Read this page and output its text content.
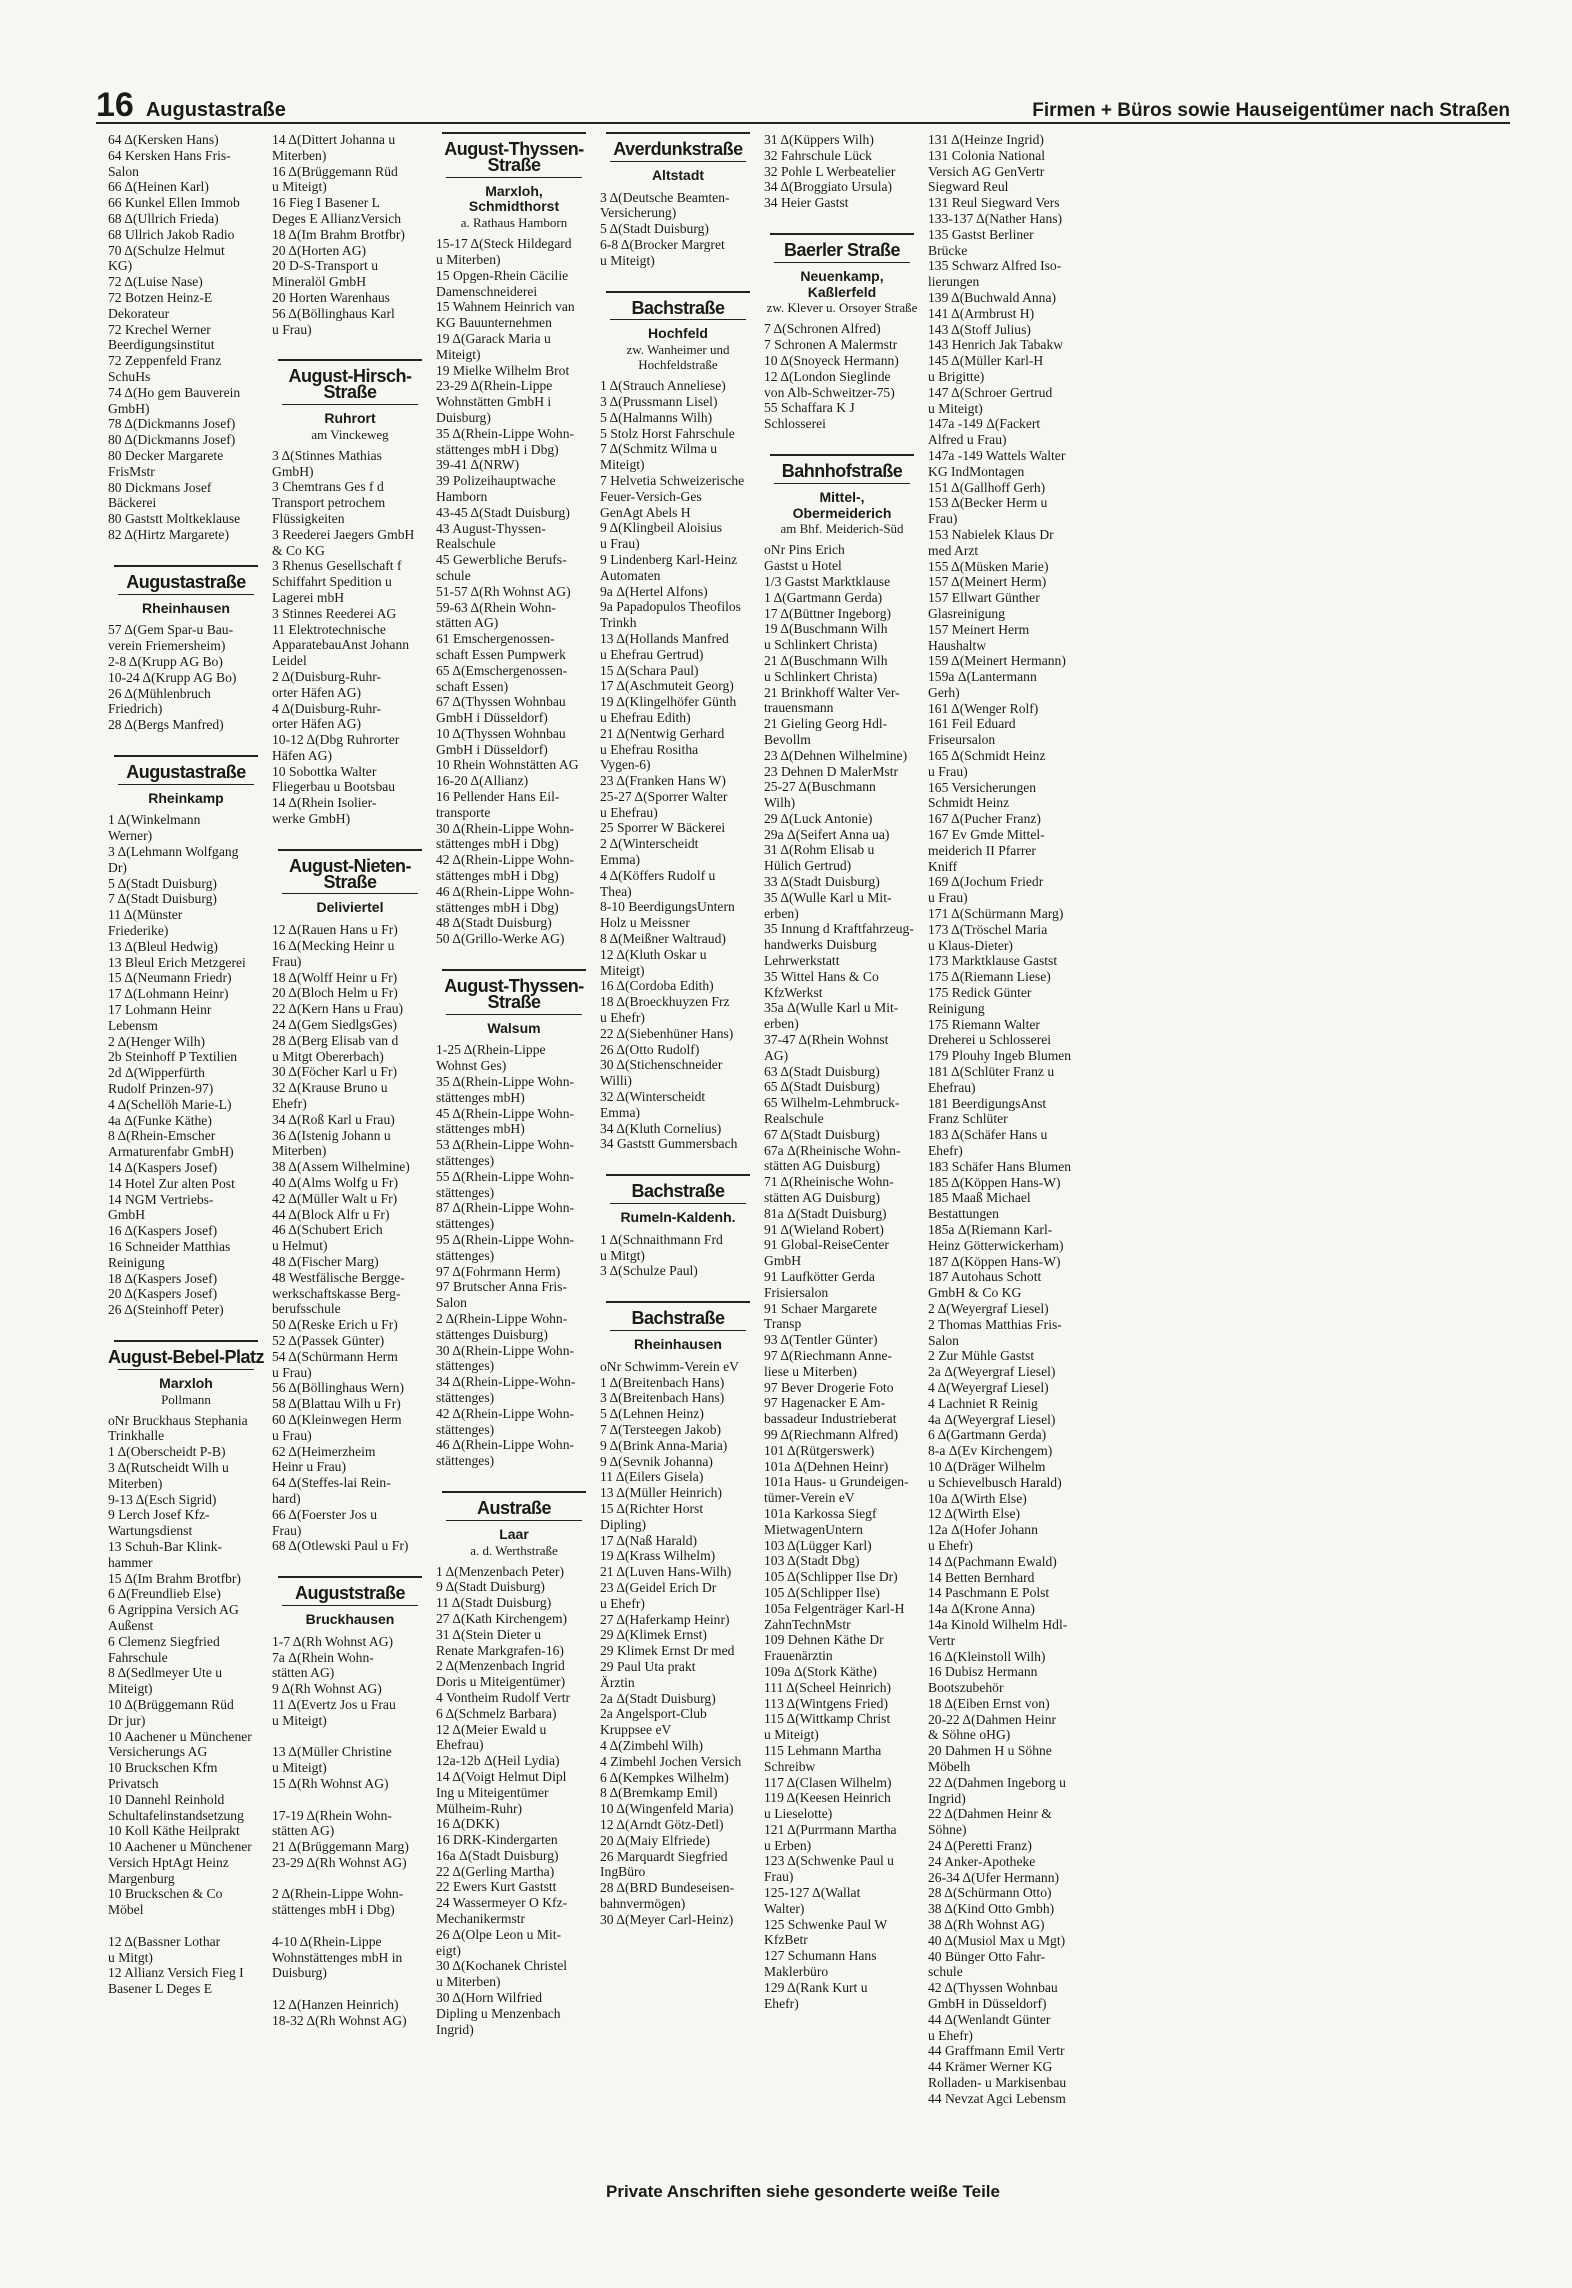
16 Augustastraße	Firmen + Büros sowie Hauseigentümer nach Straßen
64 Δ(Kersken Hans)
64 Kersken Hans Fris-
Salon
66 Δ(Heinen Karl)
66 Kunkel Ellen Immob
68 Δ(Ullrich Frieda)
68 Ullrich Jakob Radio
70 Δ(Schulze Helmut
KG)
72 Δ(Luise Nase)
72 Botzen Heinz-E
Dekorateur
72 Krechel Werner
Beerdigungsinstitut
72 Zeppenfeld Franz
SchuHs
74 Δ(Ho gem Bauverein
GmbH)
78 Δ(Dickmanns Josef)
80 Δ(Dickmanns Josef)
80 Decker Margarete
FrisMstr
80 Dickmans Josef
Bäckerei
80 Gaststt Moltkeklause
82 Δ(Hirtz Margarete)
Augustastraße
Rheinhausen
57 Δ(Gem Spar-u Bau-
verein Friemersheim)
2-8 Δ(Krupp AG Bo)
10-24 Δ(Krupp AG Bo)
26 Δ(Mühlenbruch
Friedrich)
28 Δ(Bergs Manfred)
Augustastraße
Rheinkamp
1 Δ(Winkelmann
Werner)
3 Δ(Lehmann Wolfgang
Dr)
5 Δ(Stadt Duisburg)
7 Δ(Stadt Duisburg)
11 Δ(Münster
Friederike)
13 Δ(Bleul Hedwig)
13 Bleul Erich Metzgerei
15 Δ(Neumann Friedr)
17 Δ(Lohmann Heinr)
17 Lohmann Heinr
Lebensm
2 Δ(Henger Wilh)
2b Steinhoff P Textilien
2d Δ(Wipperfürth
Rudolf Prinzen-97)
4 Δ(Schellöh Marie-L)
4a Δ(Funke Käthe)
8 Δ(Rhein-Emscher
Armaturenfabr GmbH)
14 Δ(Kaspers Josef)
14 Hotel Zur alten Post
14 NGM Vertriebs-
GmbH
16 Δ(Kaspers Josef)
16 Schneider Matthias
Reinigung
18 Δ(Kaspers Josef)
20 Δ(Kaspers Josef)
26 Δ(Steinhoff Peter)
August-Bebel-Platz
Marxloh
Pollmann
oNr Bruckhaus Stephania
Trinkhalle
1 Δ(Oberscheidt P-B)
3 Δ(Rutscheidt Wilh u
Miterben)
9-13 Δ(Esch Sigrid)
9 Lerch Josef Kfz-
Wartungsdienst
13 Schuh-Bar Klink-
hammer
15 Δ(Im Brahm Brotfbr)
6 Δ(Freundlieb Else)
6 Agrippina Versich AG
Außenst
6 Clemenz Siegfried
Fahrschule
8 Δ(Sedlmeyer Ute u
Miteigt)
10 Δ(Brüggemann Rüd
Dr jur)
10 Aachener u Münchener
Versicherungs AG
10 Bruckschen Kfm
Privatsch
10 Dannehl Reinhold
Schultafelinstandsetzung
10 Koll Käthe Heilprakt
10 Aachener u Münchener
Versich HptAgt Heinz
Margenburg
10 Bruckschen & Co
Möbel

12 Δ(Bassner Lothar
u Mitgt)
12 Allianz Versich Fieg I
Basener L Deges E
14 Δ(Dittert Johanna u
Miterben)
16 Δ(Brüggemann Rüd
u Miteigt)
16 Fieg I Basener L
Deges E AllianzVersich
18 Δ(Im Brahm Brotfbr)
20 Δ(Horten AG)
20 D-S-Transport u
Mineralöl GmbH
20 Horten Warenhaus
56 Δ(Böllinghaus Karl
u Frau)
August-Hirsch-Straße
Ruhrort
am Vinckeweg
3 Δ(Stinnes Mathias
GmbH)
3 Chemtrans Ges f d
Transport petrochem
Flüssigkeiten
3 Reederei Jaegers GmbH
& Co KG
3 Rhenus Gesellschaft f
Schiffahrt Spedition u
Lagerei mbH
3 Stinnes Reederei AG
11 Elektrotechnische
ApparatebauAnst Johann
Leidel
2 Δ(Duisburg-Ruhr-
orter Häfen AG)
4 Δ(Duisburg-Ruhr-
orter Häfen AG)
10-12 Δ(Dbg Ruhrorter
Häfen AG)
10 Sobottka Walter
Fliegerbau u Bootsbau
14 Δ(Rhein Isolier-
werke GmbH)
August-Nieten-Straße
Deliviertel
12 Δ(Rauen Hans u Fr)
16 Δ(Mecking Heinr u
Frau)
18 Δ(Wolff Heinr u Fr)
20 Δ(Bloch Helm u Fr)
22 Δ(Kern Hans u Frau)
24 Δ(Gem SiedlgsGes)
28 Δ(Berg Elisab van d
u Mitgt Obererbach)
30 Δ(Föcher Karl u Fr)
32 Δ(Krause Bruno u
Ehefr)
34 Δ(Roß Karl u Frau)
36 Δ(Istenig Johann u
Miterben)
38 Δ(Assem Wilhelmine)
40 Δ(Alms Wolfg u Fr)
42 Δ(Müller Walt u Fr)
44 Δ(Block Alfr u Fr)
46 Δ(Schubert Erich
u Helmut)
48 Δ(Fischer Marg)
48 Westfälische Bergge-
werkschaftskasse Berg-
berufsschule
50 Δ(Reske Erich u Fr)
52 Δ(Passek Günter)
54 Δ(Schürmann Herm
u Frau)
56 Δ(Böllinghaus Wern)
58 Δ(Blattau Wilh u Fr)
60 Δ(Kleinwegen Herm
u Frau)
62 Δ(Heimerzheim
Heinr u Frau)
64 Δ(Steffes-lai Rein-
hard)
66 Δ(Foerster Jos u
Frau)
68 Δ(Otlewski Paul u Fr)
Auguststraße
Bruckhausen
1-7 Δ(Rh Wohnst AG)
7a Δ(Rhein Wohn-
stätten AG)
9 Δ(Rh Wohnst AG)
11 Δ(Evertz Jos u Frau
u Miteigt)

13 Δ(Müller Christine
u Miteigt)
15 Δ(Rh Wohnst AG)

17-19 Δ(Rhein Wohn-
stätten AG)
21 Δ(Brüggemann Marg)
23-29 Δ(Rh Wohnst AG)

2 Δ(Rhein-Lippe Wohn-
stättenges mbH i Dbg)

4-10 Δ(Rhein-Lippe
Wohnstättenges mbH in
Duisburg)

12 Δ(Hanzen Heinrich)
18-32 Δ(Rh Wohnst AG)
August-Thyssen-Straße
Marxloh, Schmidthorst
a. Rathaus Hamborn
15-17 Δ(Steck Hildegard
u Miterben)
15 Opgen-Rhein Cäcilie
Damenschneiderei
15 Wahnem Heinrich van
KG Bauunternehmen
19 Δ(Garack Maria u
Miteigt)
19 Mielke Wilhelm Brot
23-29 Δ(Rhein-Lippe
Wohnstätten GmbH i
Duisburg)
35 Δ(Rhein-Lippe Wohn-
stättenges mbH i Dbg)
39-41 Δ(NRW)
39 Polizeihauptwache
Hamborn
43-45 Δ(Stadt Duisburg)
43 August-Thyssen-
Realschule
45 Gewerbliche Berufs-
schule
51-57 Δ(Rh Wohnst AG)
59-63 Δ(Rhein Wohn-
stätten AG)
61 Emschergenossen-
schaft Essen Pumpwerk
65 Δ(Emschergenossen-
schaft Essen)
67 Δ(Thyssen Wohnbau
GmbH i Düsseldorf)
10 Δ(Thyssen Wohnbau
GmbH i Düsseldorf)
10 Rhein Wohnstätten AG
16-20 Δ(Allianz)
16 Pellender Hans Eil-
transporte
30 Δ(Rhein-Lippe Wohn-
stättenges mbH i Dbg)
42 Δ(Rhein-Lippe Wohn-
stättenges mbH i Dbg)
46 Δ(Rhein-Lippe Wohn-
stättenges mbH i Dbg)
48 Δ(Stadt Duisburg)
50 Δ(Grillo-Werke AG)
August-Thyssen-Straße
Walsum
1-25 Δ(Rhein-Lippe
Wohnst Ges)
35 Δ(Rhein-Lippe Wohn-
stättenges mbH)
45 Δ(Rhein-Lippe Wohn-
stättenges mbH)
53 Δ(Rhein-Lippe Wohn-
stättenges)
55 Δ(Rhein-Lippe Wohn-
stättenges)
87 Δ(Rhein-Lippe Wohn-
stättenges)
95 Δ(Rhein-Lippe Wohn-
stättenges)
97 Δ(Fohrmann Herm)
97 Brutscher Anna Fris-
Salon
2 Δ(Rhein-Lippe Wohn-
stättenges Duisburg)
30 Δ(Rhein-Lippe Wohn-
stättenges)
34 Δ(Rhein-Lippe-Wohn-
stättenges)
42 Δ(Rhein-Lippe Wohn-
stättenges)
46 Δ(Rhein-Lippe Wohn-
stättenges)
Austraße
Laar
a. d. Werthstraße
1 Δ(Menzenbach Peter)
9 Δ(Stadt Duisburg)
11 Δ(Stadt Duisburg)
27 Δ(Kath Kirchengem)
31 Δ(Stein Dieter u
Renate Markgrafen-16)
2 Δ(Menzenbach Ingrid
Doris u Miteigentümer)
4 Vontheim Rudolf Vertr
6 Δ(Schmelz Barbara)
12 Δ(Meier Ewald u
Ehefrau)
12a-12b Δ(Heil Lydia)
14 Δ(Voigt Helmut Dipl
Ing u Miteigentümer
Mülheim-Ruhr)
16 Δ(DKK)
16 DRK-Kindergarten
16a Δ(Stadt Duisburg)
22 Δ(Gerling Martha)
22 Ewers Kurt Gaststt
24 Wassermeyer O Kfz-
Mechanikermstr
26 Δ(Olpe Leon u Mit-
eigt)
30 Δ(Kochanek Christel
u Miterben)
30 Δ(Horn Wilfried
Dipling u Menzenbach
Ingrid)
Averdunkstraße
Altstadt
3 Δ(Deutsche Beamten-
Versicherung)
5 Δ(Stadt Duisburg)
6-8 Δ(Brocker Margret
u Miteigt)
Bachstraße
Hochfeld
zw. Wanheimer und Hochfeldstraße
1 Δ(Strauch Anneliese)
3 Δ(Prussmann Lisel)
5 Δ(Halmanns Wilh)
5 Stolz Horst Fahrschule
7 Δ(Schmitz Wilma u
Miteigt)
7 Helvetia Schweizerische
Feuer-Versich-Ges
GenAgt Abels H
9 Δ(Klingbeil Aloisius
u Frau)
9 Lindenberg Karl-Heinz
Automaten
9a Δ(Hertel Alfons)
9a Papadopulos Theofilos
Trinkh
13 Δ(Hollands Manfred
u Ehefrau Gertrud)
15 Δ(Schara Paul)
17 Δ(Aschmuteit Georg)
19 Δ(Klingelhöfer Günth
u Ehefrau Edith)
21 Δ(Nentwig Gerhard
u Ehefrau Rositha
Vygen-6)
23 Δ(Franken Hans W)
25-27 Δ(Sporrer Walter
u Ehefrau)
25 Sporrer W Bäckerei
2 Δ(Winterscheidt
Emma)
4 Δ(Köffers Rudolf u
Thea)
8-10 BeerdigungsUntern
Holz u Meissner
8 Δ(Meißner Waltraud)
12 Δ(Kluth Oskar u
Miteigt)
16 Δ(Cordoba Edith)
18 Δ(Broeckhuyzen Frz
u Ehefr)
22 Δ(Siebenhüner Hans)
26 Δ(Otto Rudolf)
30 Δ(Stichenschneider
Willi)
32 Δ(Winterscheidt
Emma)
34 Δ(Kluth Cornelius)
34 Gaststt Gummersbach
Bachstraße
Rumeln-Kaldenh.
1 Δ(Schnaithmann Frd
u Mitgt)
3 Δ(Schulze Paul)
Bachstraße
Rheinhausen
oNr Schwimm-Verein eV
1 Δ(Breitenbach Hans)
3 Δ(Breitenbach Hans)
5 Δ(Lehnen Heinz)
7 Δ(Tersteegen Jakob)
9 Δ(Brink Anna-Maria)
9 Δ(Sevnik Johanna)
11 Δ(Eilers Gisela)
13 Δ(Müller Heinrich)
15 Δ(Richter Horst
Dipling)
17 Δ(Naß Harald)
19 Δ(Krass Wilhelm)
21 Δ(Luven Hans-Wilh)
23 Δ(Geidel Erich Dr
u Ehefr)
27 Δ(Haferkamp Heinr)
29 Δ(Klimek Ernst)
29 Klimek Ernst Dr med
29 Paul Uta prakt
Ärztin
2a Δ(Stadt Duisburg)
2a Angelsport-Club
Kruppsee eV
4 Δ(Zimbehl Wilh)
4 Zimbehl Jochen Versich
6 Δ(Kempkes Wilhelm)
8 Δ(Bremkamp Emil)
10 Δ(Wingenfeld Maria)
12 Δ(Arndt Götz-Detl)
20 Δ(Maiy Elfriede)
26 Marquardt Siegfried
IngBüro
28 Δ(BRD Bundeseisen-
bahnvermögen)
30 Δ(Meyer Carl-Heinz)
31 Δ(Küppers Wilh)
32 Fahrschule Lück
32 Pohle L Werbeatelier
34 Δ(Broggiato Ursula)
34 Heier Gastst
Baerler Straße
Neuenkamp, Kaßlerfeld
zw. Klever u. Orsoyer Straße
7 Δ(Schronen Alfred)
7 Schronen A Malermstr
10 Δ(Snoyeck Hermann)
12 Δ(London Sieglinde
von Alb-Schweitzer-75)
55 Schaffara K J
Schlosserei
Bahnhofstraße
Mittel-, Obermeiderich
am Bhf. Meiderich-Süd
oNr Pins Erich
Gastst u Hotel
1/3 Gastst Marktklause
1 Δ(Gartmann Gerda)
17 Δ(Büttner Ingeborg)
19 Δ(Buschmann Wilh
u Schlinkert Christa)
21 Δ(Buschmann Wilh
u Schlinkert Christa)
21 Brinkhoff Walter Ver-
trauensmann
21 Gieling Georg Hdl-
Bevollm
23 Δ(Dehnen Wilhelmine)
23 Dehnen D MalerMstr
25-27 Δ(Buschmann
Wilh)
29 Δ(Luck Antonie)
29a Δ(Seifert Anna ua)
31 Δ(Rohm Elisab u
Hülich Gertrud)
33 Δ(Stadt Duisburg)
35 Δ(Wulle Karl u Mit-
erben)
35 Innung d Kraftfahrzeug-
handwerks Duisburg
Lehrwerkstatt
35 Wittel Hans & Co
KfzWerkst
35a Δ(Wulle Karl u Mit-
erben)
37-47 Δ(Rhein Wohnst
AG)
63 Δ(Stadt Duisburg)
65 Δ(Stadt Duisburg)
65 Wilhelm-Lehmbruck-
Realschule
67 Δ(Stadt Duisburg)
67a Δ(Rheinische Wohn-
stätten AG Duisburg)
71 Δ(Rheinische Wohn-
stätten AG Duisburg)
81a Δ(Stadt Duisburg)
91 Δ(Wieland Robert)
91 Global-ReiseCenter
GmbH
91 Laufkötter Gerda
Frisiersalon
91 Schaer Margarete
Transp
93 Δ(Tentler Günter)
97 Δ(Riechmann Anne-
liese u Miterben)
97 Bever Drogerie Foto
97 Hagenacker E Am-
bassadeur Industrieberat
99 Δ(Riechmann Alfred)
101 Δ(Rütgerswerk)
101a Δ(Dehnen Heinr)
101a Haus- u Grundeigen-
tümer-Verein eV
101a Karkossa Siegf
MietwagenUntern
103 Δ(Lügger Karl)
103 Δ(Stadt Dbg)
105 Δ(Schlipper Ilse Dr)
105 Δ(Schlipper Ilse)
105a Felgenträger Karl-H
ZahnTechnMstr
109 Dehnen Käthe Dr
Frauenärztin
109a Δ(Stork Käthe)
111 Δ(Scheel Heinrich)
113 Δ(Wintgens Fried)
115 Δ(Wittkamp Christ
u Miteigt)
115 Lehmann Martha
Schreibw
117 Δ(Clasen Wilhelm)
119 Δ(Keesen Heinrich
u Lieselotte)
121 Δ(Purrmann Martha
u Erben)
123 Δ(Schwenke Paul u
Frau)
125-127 Δ(Wallat
Walter)
125 Schwenke Paul W
KfzBetr
127 Schumann Hans
Maklerbüro
129 Δ(Rank Kurt u
Ehefr)
131 Δ(Heinze Ingrid)
131 Colonia National
Versich AG GenVertr
Siegward Reul
131 Reul Siegward Vers
133-137 Δ(Nather Hans)
135 Gastst Berliner
Brücke
135 Schwarz Alfred Iso-
lierungen
139 Δ(Buchwald Anna)
141 Δ(Armbrust H)
143 Δ(Stoff Julius)
143 Henrich Jak Tabakw
145 Δ(Müller Karl-H
u Brigitte)
147 Δ(Schroer Gertrud
u Miteigt)
147a -149 Δ(Fackert
Alfred u Frau)
147a -149 Wattels Walter
KG IndMontagen
151 Δ(Gallhoff Gerh)
153 Δ(Becker Herm u
Frau)
153 Nabielek Klaus Dr
med Arzt
155 Δ(Müsken Marie)
157 Δ(Meinert Herm)
157 Ellwart Günther
Glasreinigung
157 Meinert Herm
Haushaltw
159 Δ(Meinert Hermann)
159a Δ(Lantermann
Gerh)
161 Δ(Wenger Rolf)
161 Feil Eduard
Friseursalon
165 Δ(Schmidt Heinz
u Frau)
165 Versicherungen
Schmidt Heinz
167 Δ(Pucher Franz)
167 Ev Gmde Mittel-
meiderich II Pfarrer
Kniff
169 Δ(Jochum Friedr
u Frau)
171 Δ(Schürmann Marg)
173 Δ(Tröschel Maria
u Klaus-Dieter)
173 Marktklause Gastst
175 Δ(Riemann Liese)
175 Redick Günter
Reinigung
175 Riemann Walter
Dreherei u Schlosserei
179 Plouhy Ingeb Blumen
181 Δ(Schlüter Franz u
Ehefrau)
181 BeerdigungsAnst
Franz Schlüter
183 Δ(Schäfer Hans u
Ehefr)
183 Schäfer Hans Blumen
185 Δ(Köppen Hans-W)
185 Maaß Michael
Bestattungen
185a Δ(Riemann Karl-
Heinz Götterwickerham)
187 Δ(Köppen Hans-W)
187 Autohaus Schott
GmbH & Co KG
2 Δ(Weyergraf Liesel)
2 Thomas Matthias Fris-
Salon
2 Zur Mühle Gastst
2a Δ(Weyergraf Liesel)
4 Δ(Weyergraf Liesel)
4 Lachniet R Reinig
4a Δ(Weyergraf Liesel)
6 Δ(Gartmann Gerda)
8-a Δ(Ev Kirchengem)
10 Δ(Dräger Wilhelm
u Schievelbusch Harald)
10a Δ(Wirth Else)
12 Δ(Wirth Else)
12a Δ(Hofer Johann
u Ehefr)
14 Δ(Pachmann Ewald)
14 Betten Bernhard
14 Paschmann E Polst
14a Δ(Krone Anna)
14a Kinold Wilhelm Hdl-
Vertr
16 Δ(Kleinstoll Wilh)
16 Dubisz Hermann
Bootszubehör
18 Δ(Eiben Ernst von)
20-22 Δ(Dahmen Heinr
& Söhne oHG)
20 Dahmen H u Söhne
Möbelh
22 Δ(Dahmen Ingeborg u
Ingrid)
22 Δ(Dahmen Heinr &
Söhne)
24 Δ(Peretti Franz)
24 Anker-Apotheke
26-34 Δ(Ufer Hermann)
28 Δ(Schürmann Otto)
38 Δ(Kind Otto Gmbh)
38 Δ(Rh Wohnst AG)
40 Δ(Musiol Max u Mgt)
40 Bünger Otto Fahr-
schule
42 Δ(Thyssen Wohnbau
GmbH in Düsseldorf)
44 Δ(Wenlandt Günter
u Ehefr)
44 Graffmann Emil Vertr
44 Krämer Werner KG
Rolladen- u Markisenbau
44 Nevzat Agci Lebensm
Private Anschriften siehe gesonderte weiße Teile
